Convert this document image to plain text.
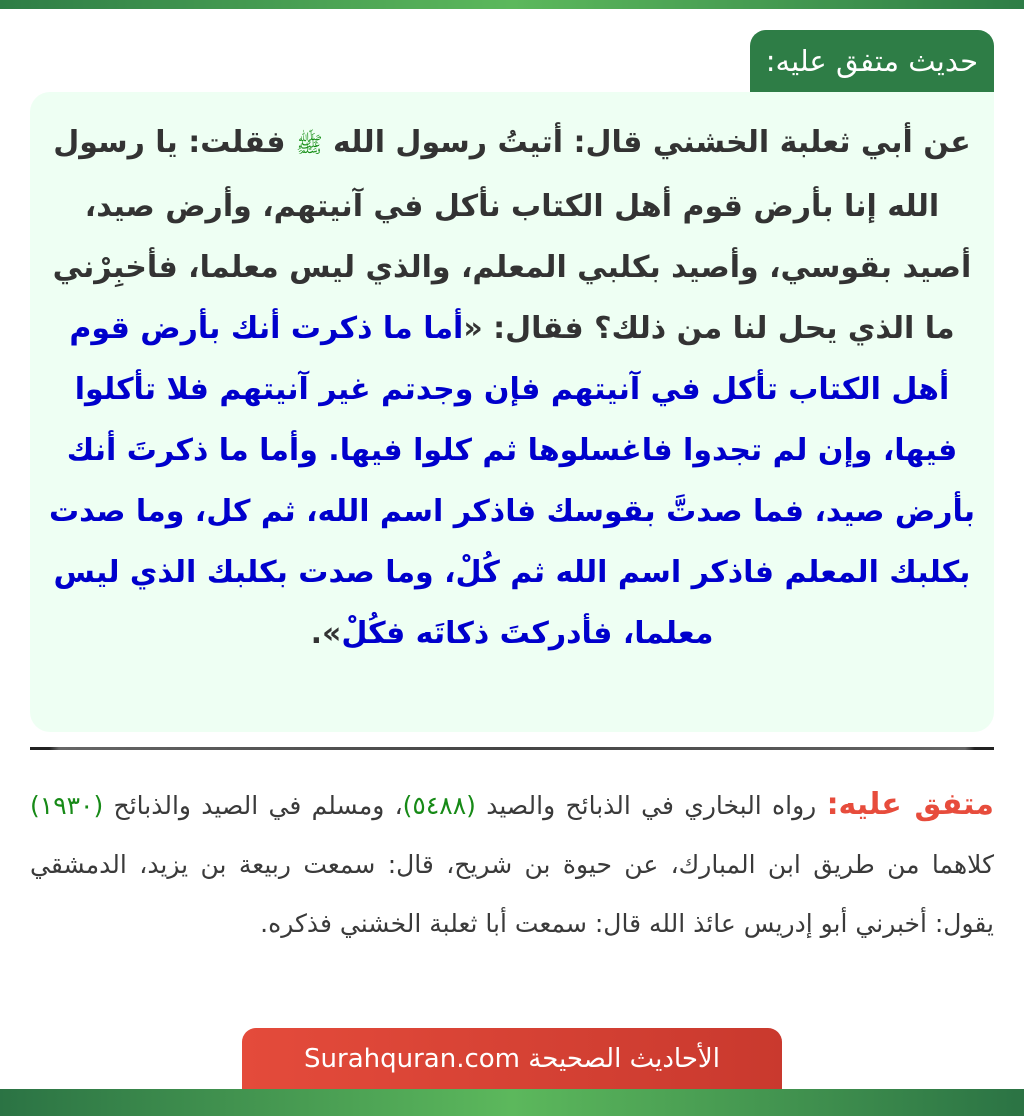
حديث متفق عليه:
عن أبي ثعلبة الخشني قال: أتيتُ رسول الله ﷺ فقلت: يا رسول الله إنا بأرض قوم أهل الكتاب نأكل في آنيتهم، وأرض صيد، أصيد بقوسي، وأصيد بكلبي المعلم، والذي ليس معلما، فأخبِرْني ما الذي يحل لنا من ذلك؟ فقال: «أما ما ذكرت أنك بأرض قوم أهل الكتاب تأكل في آنيتهم فإن وجدتم غير آنيتهم فلا تأكلوا فيها، وإن لم تجدوا فاغسلوها ثم كلوا فيها. وأما ما ذكرتَ أنك بأرض صيد، فما صدتَّ بقوسك فاذكر اسم الله، ثم كل، وما صدت بكلبك المعلم فاذكر اسم الله ثم كُلْ، وما صدت بكلبك الذي ليس معلما، فأدركتَ ذكاتَه فكُلْ».
متفق عليه: رواه البخاري في الذبائح والصيد (٥٤٨٨)، ومسلم في الصيد والذبائح (١٩٣٠) كلاهما من طريق ابن المبارك، عن حيوة بن شريح، قال: سمعت ربيعة بن يزيد، الدمشقي يقول: أخبرني أبو إدريس عائذ الله قال: سمعت أبا ثعلبة الخشني فذكره.
الأحاديث الصحيحة Surahquran.com
